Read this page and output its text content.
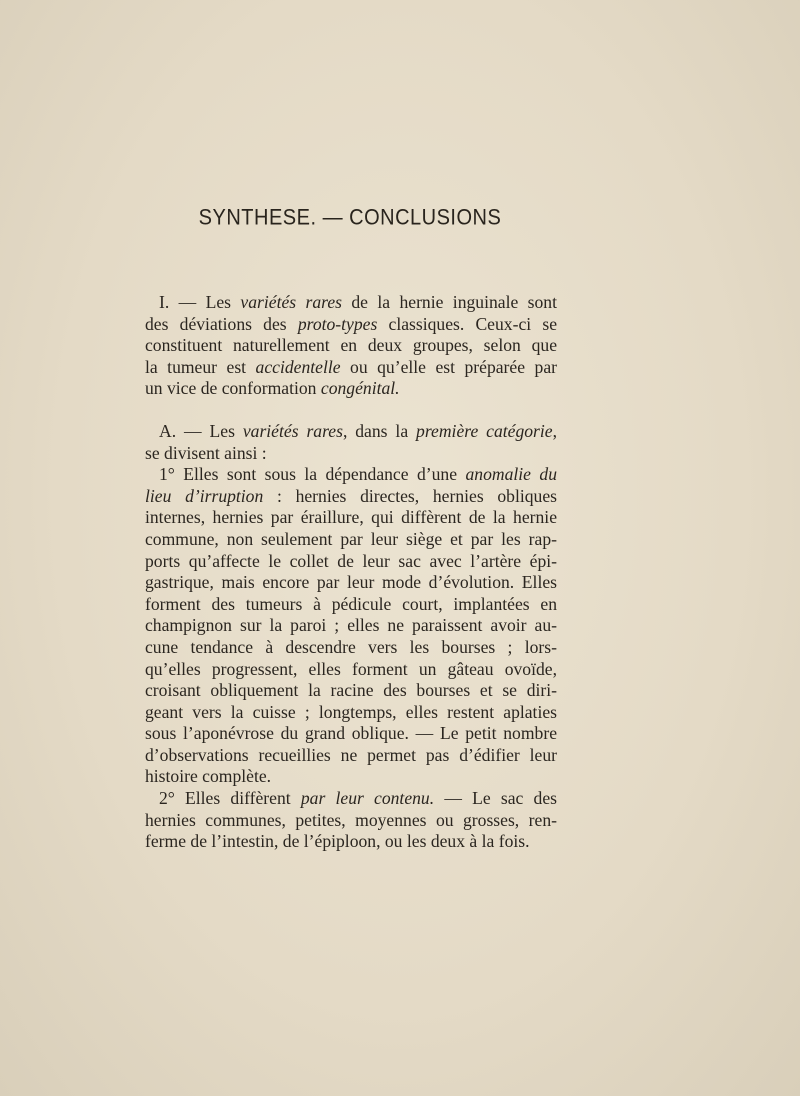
SYNTHESE. — CONCLUSIONS
I. — Les variétés rares de la hernie inguinale sont
des déviations des proto-types classiques. Ceux-ci se
constituent naturellement en deux groupes, selon que
la tumeur est accidentelle ou qu’elle est préparée par
un vice de conformation congénital.
A. — Les variétés rares, dans la première catégorie,
se divisent ainsi :
1° Elles sont sous la dépendance d’une anomalie du
lieu d’irruption : hernies directes, hernies obliques
internes, hernies par éraillure, qui diffèrent de la hernie
commune, non seulement par leur siège et par les rap-
ports qu’affecte le collet de leur sac avec l’artère épi-
gastrique, mais encore par leur mode d’évolution. Elles
forment des tumeurs à pédicule court, implantées en
champignon sur la paroi ; elles ne paraissent avoir au-
cune tendance à descendre vers les bourses ; lors-
qu’elles progressent, elles forment un gâteau ovoïde,
croisant obliquement la racine des bourses et se diri-
geant vers la cuisse ; longtemps, elles restent aplaties
sous l’aponévrose du grand oblique. — Le petit nombre
d’observations recueillies ne permet pas d’édifier leur
histoire complète.
2° Elles diffèrent par leur contenu. — Le sac des
hernies communes, petites, moyennes ou grosses, ren-
ferme de l’intestin, de l’épiploon, ou les deux à la fois.
